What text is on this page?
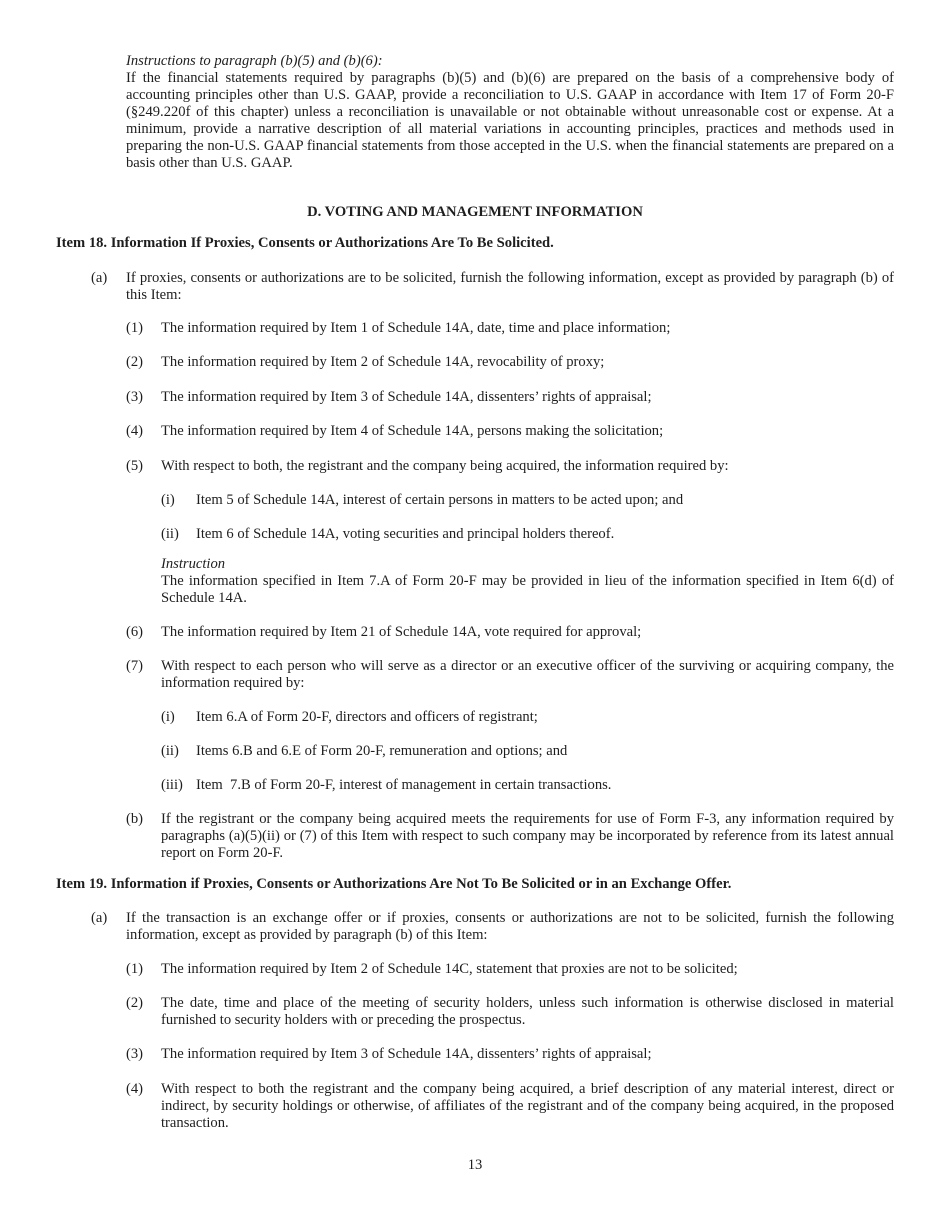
Instructions to paragraph (b)(5) and (b)(6):
If the financial statements required by paragraphs (b)(5) and (b)(6) are prepared on the basis of a comprehensive body of accounting principles other than U.S. GAAP, provide a reconciliation to U.S. GAAP in accordance with Item 17 of Form 20-F (§249.220f of this chapter) unless a reconciliation is unavailable or not obtainable without unreasonable cost or expense. At a minimum, provide a narrative description of all material variations in accounting principles, practices and methods used in preparing the non-U.S. GAAP financial statements from those accepted in the U.S. when the financial statements are prepared on a basis other than U.S. GAAP.
D. VOTING AND MANAGEMENT INFORMATION
Item 18. Information If Proxies, Consents or Authorizations Are To Be Solicited.
(a) If proxies, consents or authorizations are to be solicited, furnish the following information, except as provided by paragraph (b) of this Item:
(1) The information required by Item 1 of Schedule 14A, date, time and place information;
(2) The information required by Item 2 of Schedule 14A, revocability of proxy;
(3) The information required by Item 3 of Schedule 14A, dissenters’ rights of appraisal;
(4) The information required by Item 4 of Schedule 14A, persons making the solicitation;
(5) With respect to both, the registrant and the company being acquired, the information required by:
(i) Item 5 of Schedule 14A, interest of certain persons in matters to be acted upon; and
(ii) Item 6 of Schedule 14A, voting securities and principal holders thereof.
Instruction
The information specified in Item 7.A of Form 20-F may be provided in lieu of the information specified in Item 6(d) of Schedule 14A.
(6) The information required by Item 21 of Schedule 14A, vote required for approval;
(7) With respect to each person who will serve as a director or an executive officer of the surviving or acquiring company, the information required by:
(i) Item 6.A of Form 20-F, directors and officers of registrant;
(ii) Items 6.B and 6.E of Form 20-F, remuneration and options; and
(iii) Item  7.B of Form 20-F, interest of management in certain transactions.
(b) If the registrant or the company being acquired meets the requirements for use of Form F-3, any information required by paragraphs (a)(5)(ii) or (7) of this Item with respect to such company may be incorporated by reference from its latest annual report on Form 20-F.
Item 19. Information if Proxies, Consents or Authorizations Are Not To Be Solicited or in an Exchange Offer.
(a) If the transaction is an exchange offer or if proxies, consents or authorizations are not to be solicited, furnish the following information, except as provided by paragraph (b) of this Item:
(1) The information required by Item 2 of Schedule 14C, statement that proxies are not to be solicited;
(2) The date, time and place of the meeting of security holders, unless such information is otherwise disclosed in material furnished to security holders with or preceding the prospectus.
(3) The information required by Item 3 of Schedule 14A, dissenters’ rights of appraisal;
(4) With respect to both the registrant and the company being acquired, a brief description of any material interest, direct or indirect, by security holdings or otherwise, of affiliates of the registrant and of the company being acquired, in the proposed transaction.
13
